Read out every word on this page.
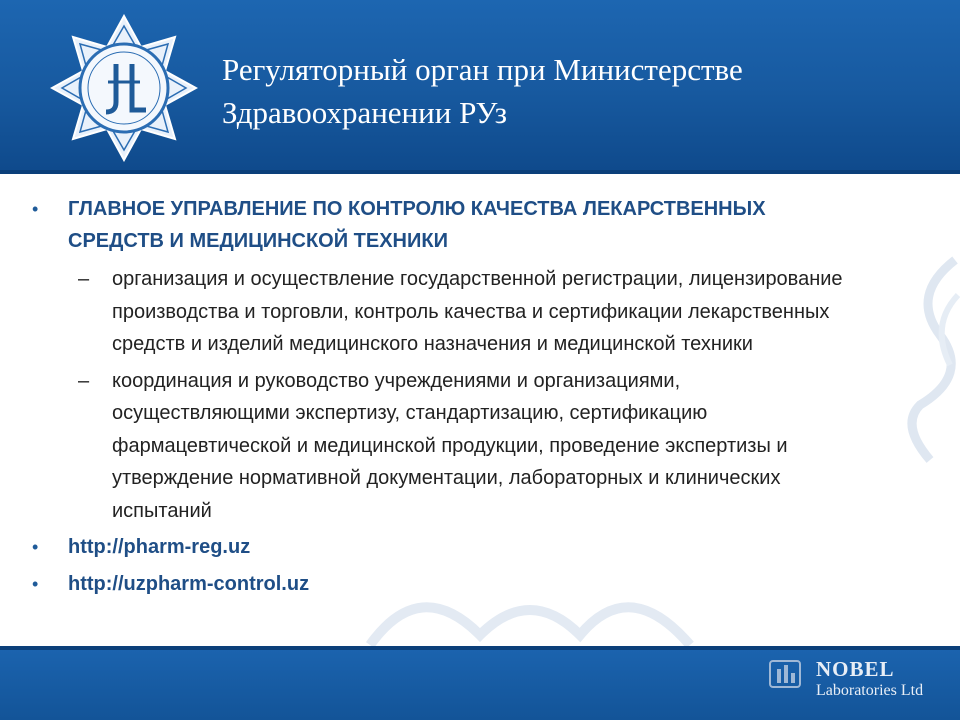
Регуляторный орган при Министерстве
Здравоохранении РУз
• ГЛАВНОЕ УПРАВЛЕНИЕ ПО КОНТРОЛЮ КАЧЕСТВА ЛЕКАРСТВЕННЫХ СРЕДСТВ И МЕДИЦИНСКОЙ ТЕХНИКИ
– организация и осуществление государственной регистрации, лицензирование производства и торговли, контроль качества и сертификации лекарственных средств и изделий медицинского назначения и медицинской техники
– координация и руководство учреждениями и организациями, осуществляющими экспертизу, стандартизацию, сертификацию фармацевтической и медицинской продукции, проведение экспертизы и утверждение нормативной документации, лабораторных и клинических испытаний
• http://pharm-reg.uz
• http://uzpharm-control.uz
NOBEL
Laboratories Ltd
